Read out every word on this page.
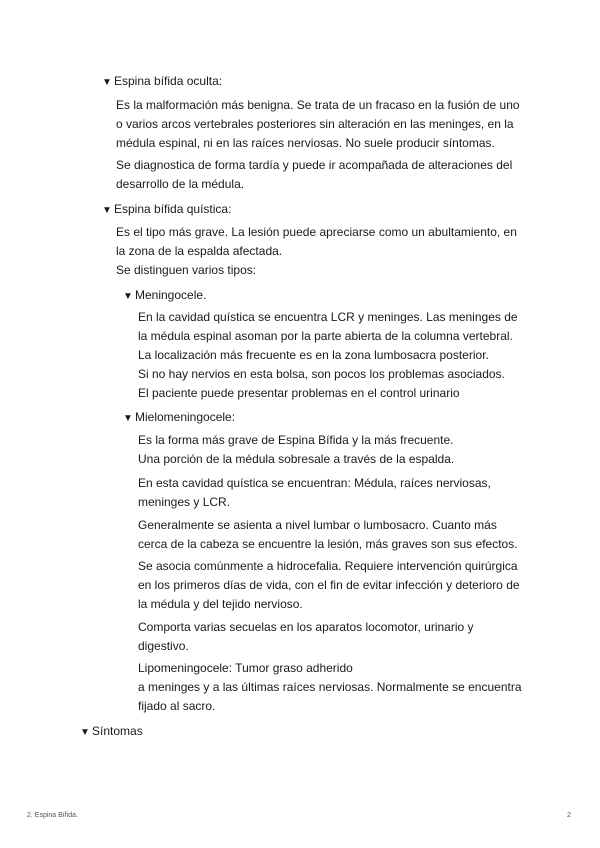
▼ Espina bífida oculta:
Es la malformación más benigna. Se trata de un fracaso en la fusión de uno
o varios arcos vertebrales posteriores sin alteración en las meninges, en la
médula espinal, ni en las raíces nerviosas. No suele producir síntomas.
Se diagnostica de forma tardía y puede ir acompañada de alteraciones del
desarrollo de la médula.
▼ Espina bífida quística:
Es el tipo más grave. La lesión puede apreciarse como un abultamiento, en
la zona de la espalda afectada.
Se distinguen varios tipos:
▼ Meningocele.
En la cavidad quística se encuentra LCR y meninges. Las meninges de
la médula espinal asoman por la parte abierta de la columna vertebral.
La localización más frecuente es en la zona lumbosacra posterior.
Si no hay nervios en esta bolsa, son pocos los problemas asociados.
El paciente puede presentar problemas en el control urinario
▼ Mielomeningocele:
Es la forma más grave de Espina Bífida y la más frecuente.
Una porción de la médula sobresale a través de la espalda.
En esta cavidad quística se encuentran: Médula, raíces nerviosas,
meninges y LCR.
Generalmente se asienta a nivel lumbar o lumbosacro. Cuanto más
cerca de la cabeza se encuentre la lesión, más graves son sus efectos.
Se asocia comúnmente a hidrocefalia. Requiere intervención quirúrgica
en los primeros días de vida, con el fin de evitar infección y deterioro de
la médula y del tejido nervioso.
Comporta varias secuelas en los aparatos locomotor, urinario y
digestivo.
Lipomeningocele: Tumor graso adherido
a meninges y a las últimas raíces nerviosas. Normalmente se encuentra
fijado al sacro.
▼ Síntomas
2. Espina Bífida.	2
